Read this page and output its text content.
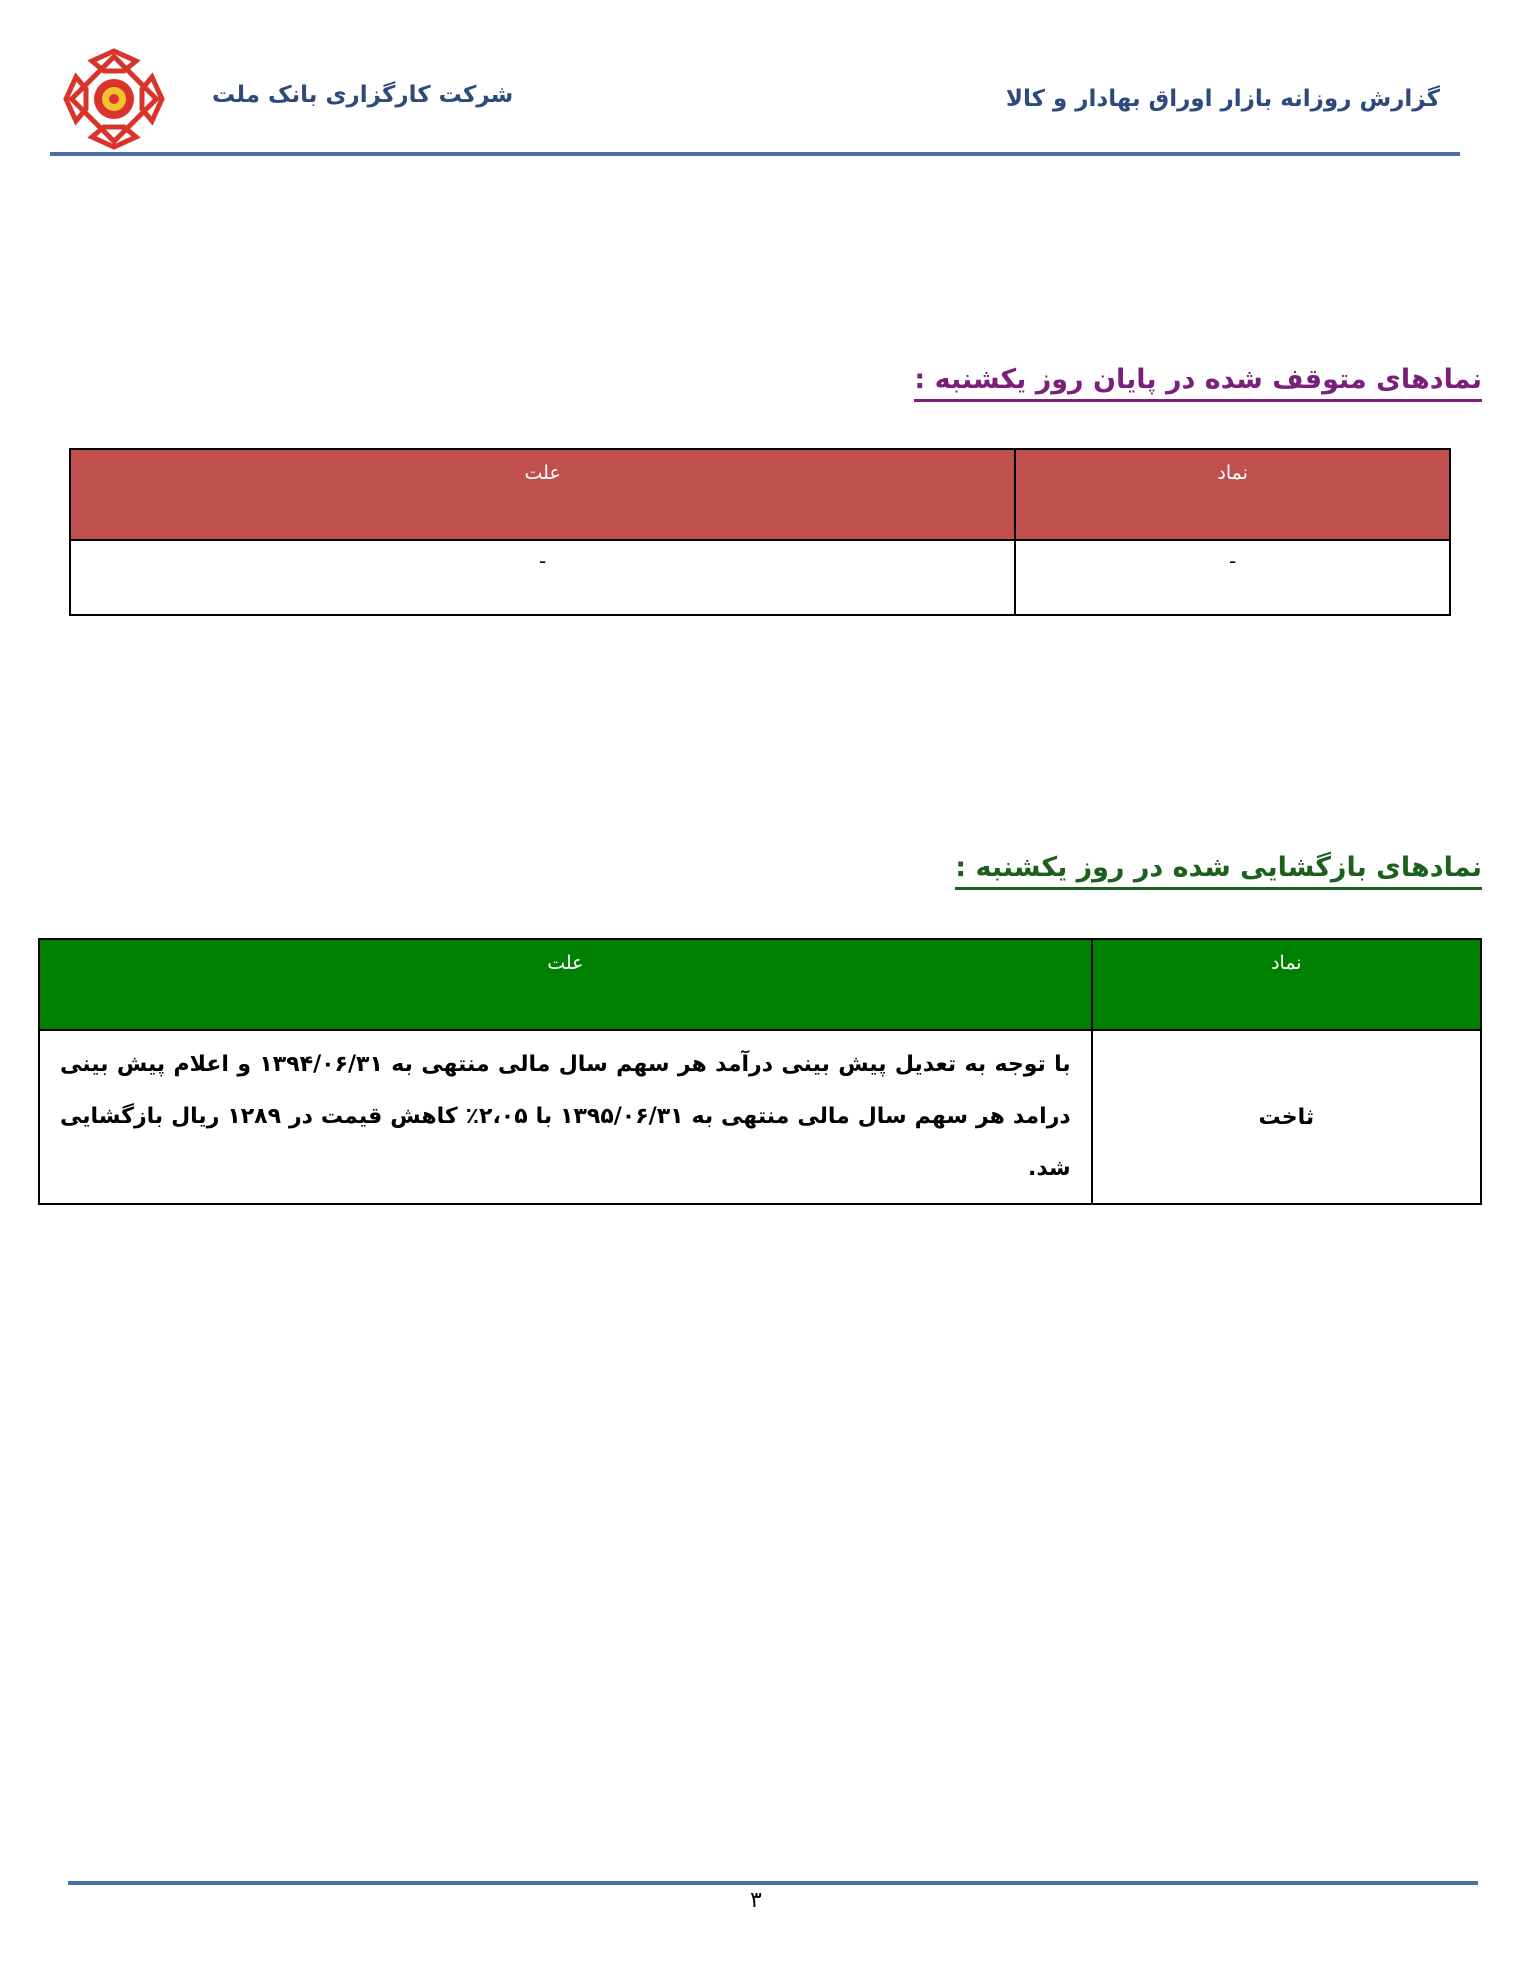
شرکت کارگزاری بانک ملت	گزارش روزانه بازار اوراق بهادار و کالا
نمادهای متوقف شده در پایان روز یکشنبه :
نماد	علت
-	-
نمادهای بازگشایی شده در روز یکشنبه :
نماد	علت
ثاخت	با توجه به تعدیل پیش بینی درآمد هر سهم سال مالی منتهی به ۱۳۹۴/۰۶/۳۱ و اعلام پیش بینی درامد هر سهم سال مالی منتهی به ۱۳۹۵/۰۶/۳۱ با ۲،۰۵٪ کاهش قیمت در ۱۲۸۹ ریال بازگشایی شد.
۳
